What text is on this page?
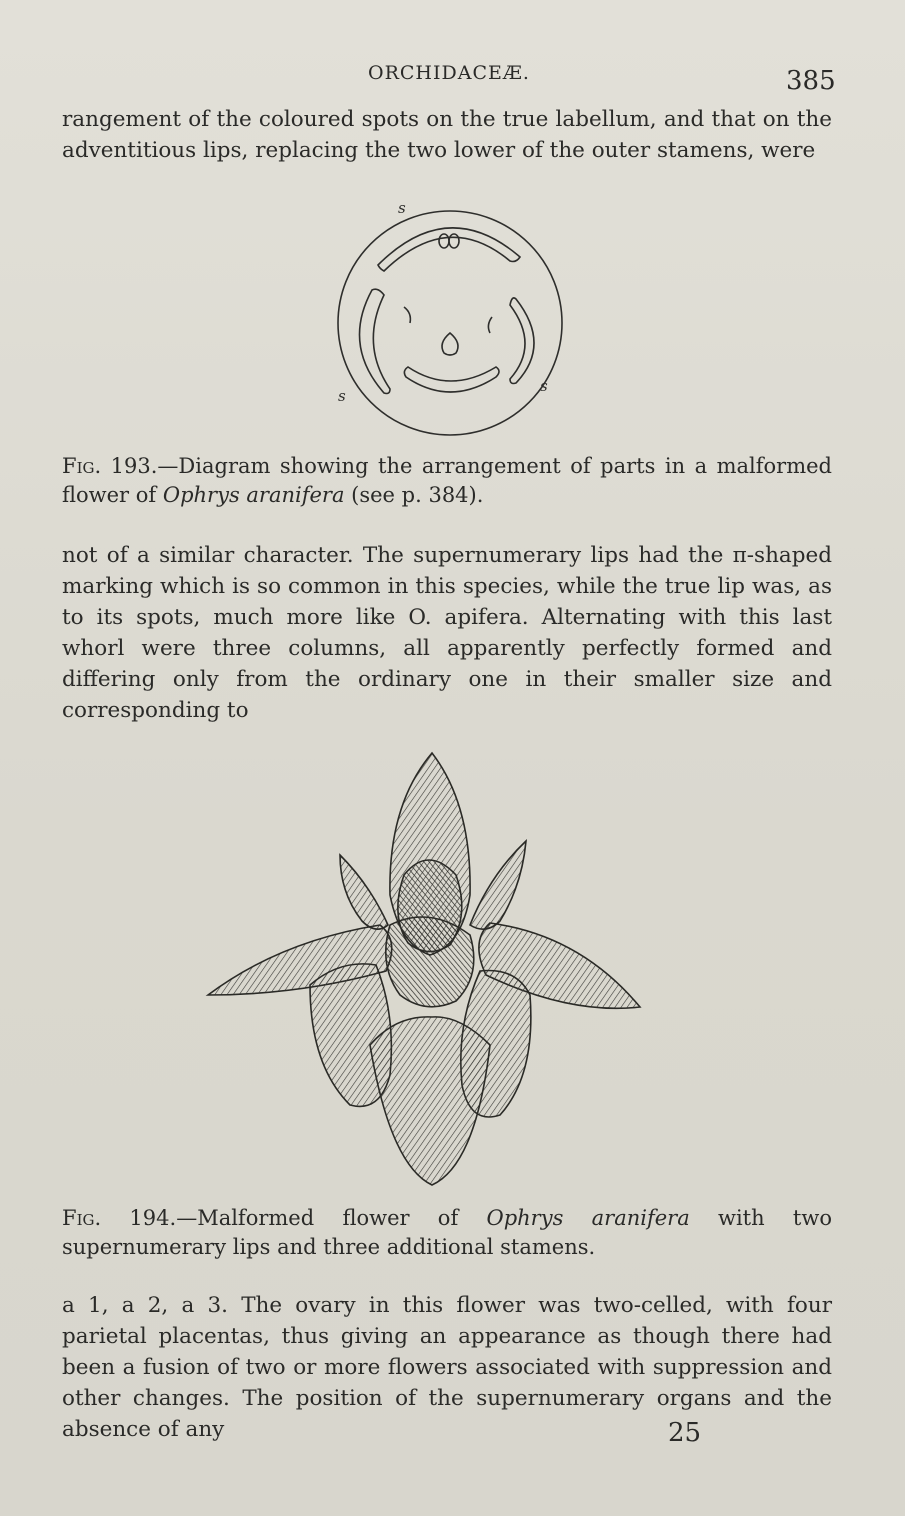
ORCHIDACEÆ.	385

rangement of the coloured spots on the true labellum, and that on the adventitious lips, replacing the two lower of the outer stamens, were

s
s
s
Fig. 193.—Diagram showing the arrangement of parts in a malformed flower of Ophrys aranifera (see p. 384).

not of a similar character. The supernumerary lips had the π-shaped marking which is so common in this species, while the true lip was, as to its spots, much more like O. apifera. Alternating with this last whorl were three columns, all apparently perfectly formed and differing only from the ordinary one in their smaller size and corresponding to

Fig. 194.—Malformed flower of Ophrys aranifera with two supernumerary lips and three additional stamens.

a 1, a 2, a 3. The ovary in this flower was two-celled, with four parietal placentas, thus giving an appearance as though there had been a fusion of two or more flowers associated with suppression and other changes. The position of the supernumerary organs and the absence of any	25
